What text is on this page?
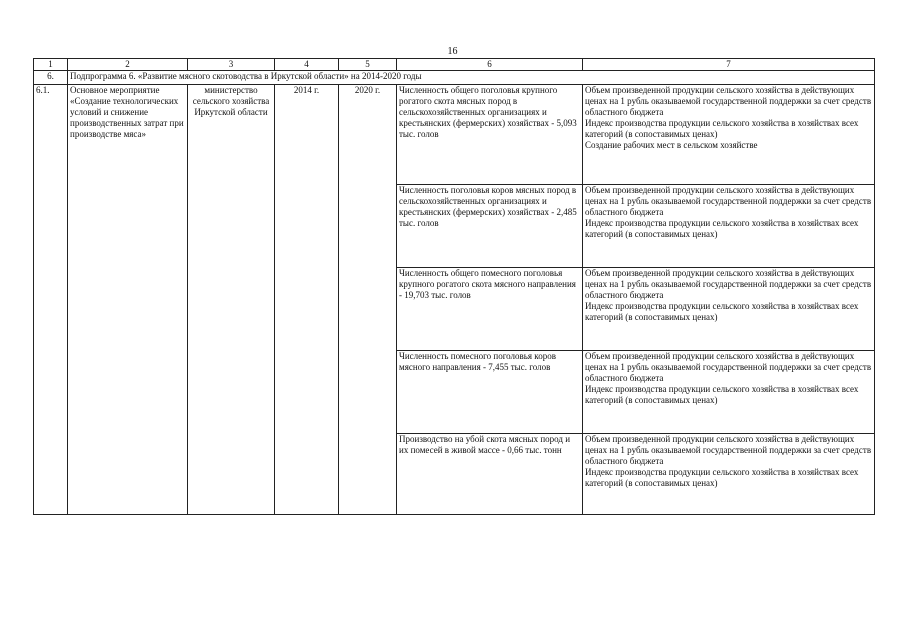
16
1	2	3	4	5	6	7
6.	Подпрограмма 6. «Развитие мясного скотоводства в Иркутской области» на 2014-2020 годы					
6.1.	Основное мероприятие «Создание технологических условий и снижение производственных затрат при производстве мяса»	министерство сельского хозяйства Иркутской области	2014 г.	2020 г.	Численность общего поголовья крупного рогатого скота мясных пород в сельскохозяйственных организациях и крестьянских (фермерских) хозяйствах - 5,093 тыс. голов	Объем произведенной продукции сельского хозяйства в действующих ценах на 1 рубль оказываемой государственной поддержки за счет средств областного бюджета
Индекс производства продукции сельского хозяйства в хозяйствах всех категорий (в сопоставимых ценах)
Создание рабочих мест в сельском хозяйстве

					Численность поголовья коров мясных пород в сельскохозяйственных организациях и крестьянских (фермерских) хозяйствах - 2,485 тыс. голов	Объем произведенной продукции сельского хозяйства в действующих ценах на 1 рубль оказываемой государственной поддержки за счет средств областного бюджета
Индекс производства продукции сельского хозяйства в хозяйствах всех категорий (в сопоставимых ценах)

					Численность общего помесного поголовья крупного рогатого скота мясного направления - 19,703 тыс. голов	Объем произведенной продукции сельского хозяйства в действующих ценах на 1 рубль оказываемой государственной поддержки за счет средств областного бюджета
Индекс производства продукции сельского хозяйства в хозяйствах всех категорий (в сопоставимых ценах)

					Численность помесного поголовья коров мясного направления - 7,455 тыс. голов	Объем произведенной продукции сельского хозяйства в действующих ценах на 1 рубль оказываемой государственной поддержки за счет средств областного бюджета
Индекс производства продукции сельского хозяйства в хозяйствах всех категорий (в сопоставимых ценах)

					Производство на убой скота мясных пород и их помесей в живой массе - 0,66 тыс. тонн	Объем произведенной продукции сельского хозяйства в действующих ценах на 1 рубль оказываемой государственной поддержки за счет средств областного бюджета
Индекс производства продукции сельского хозяйства в хозяйствах всех категорий (в сопоставимых ценах)
